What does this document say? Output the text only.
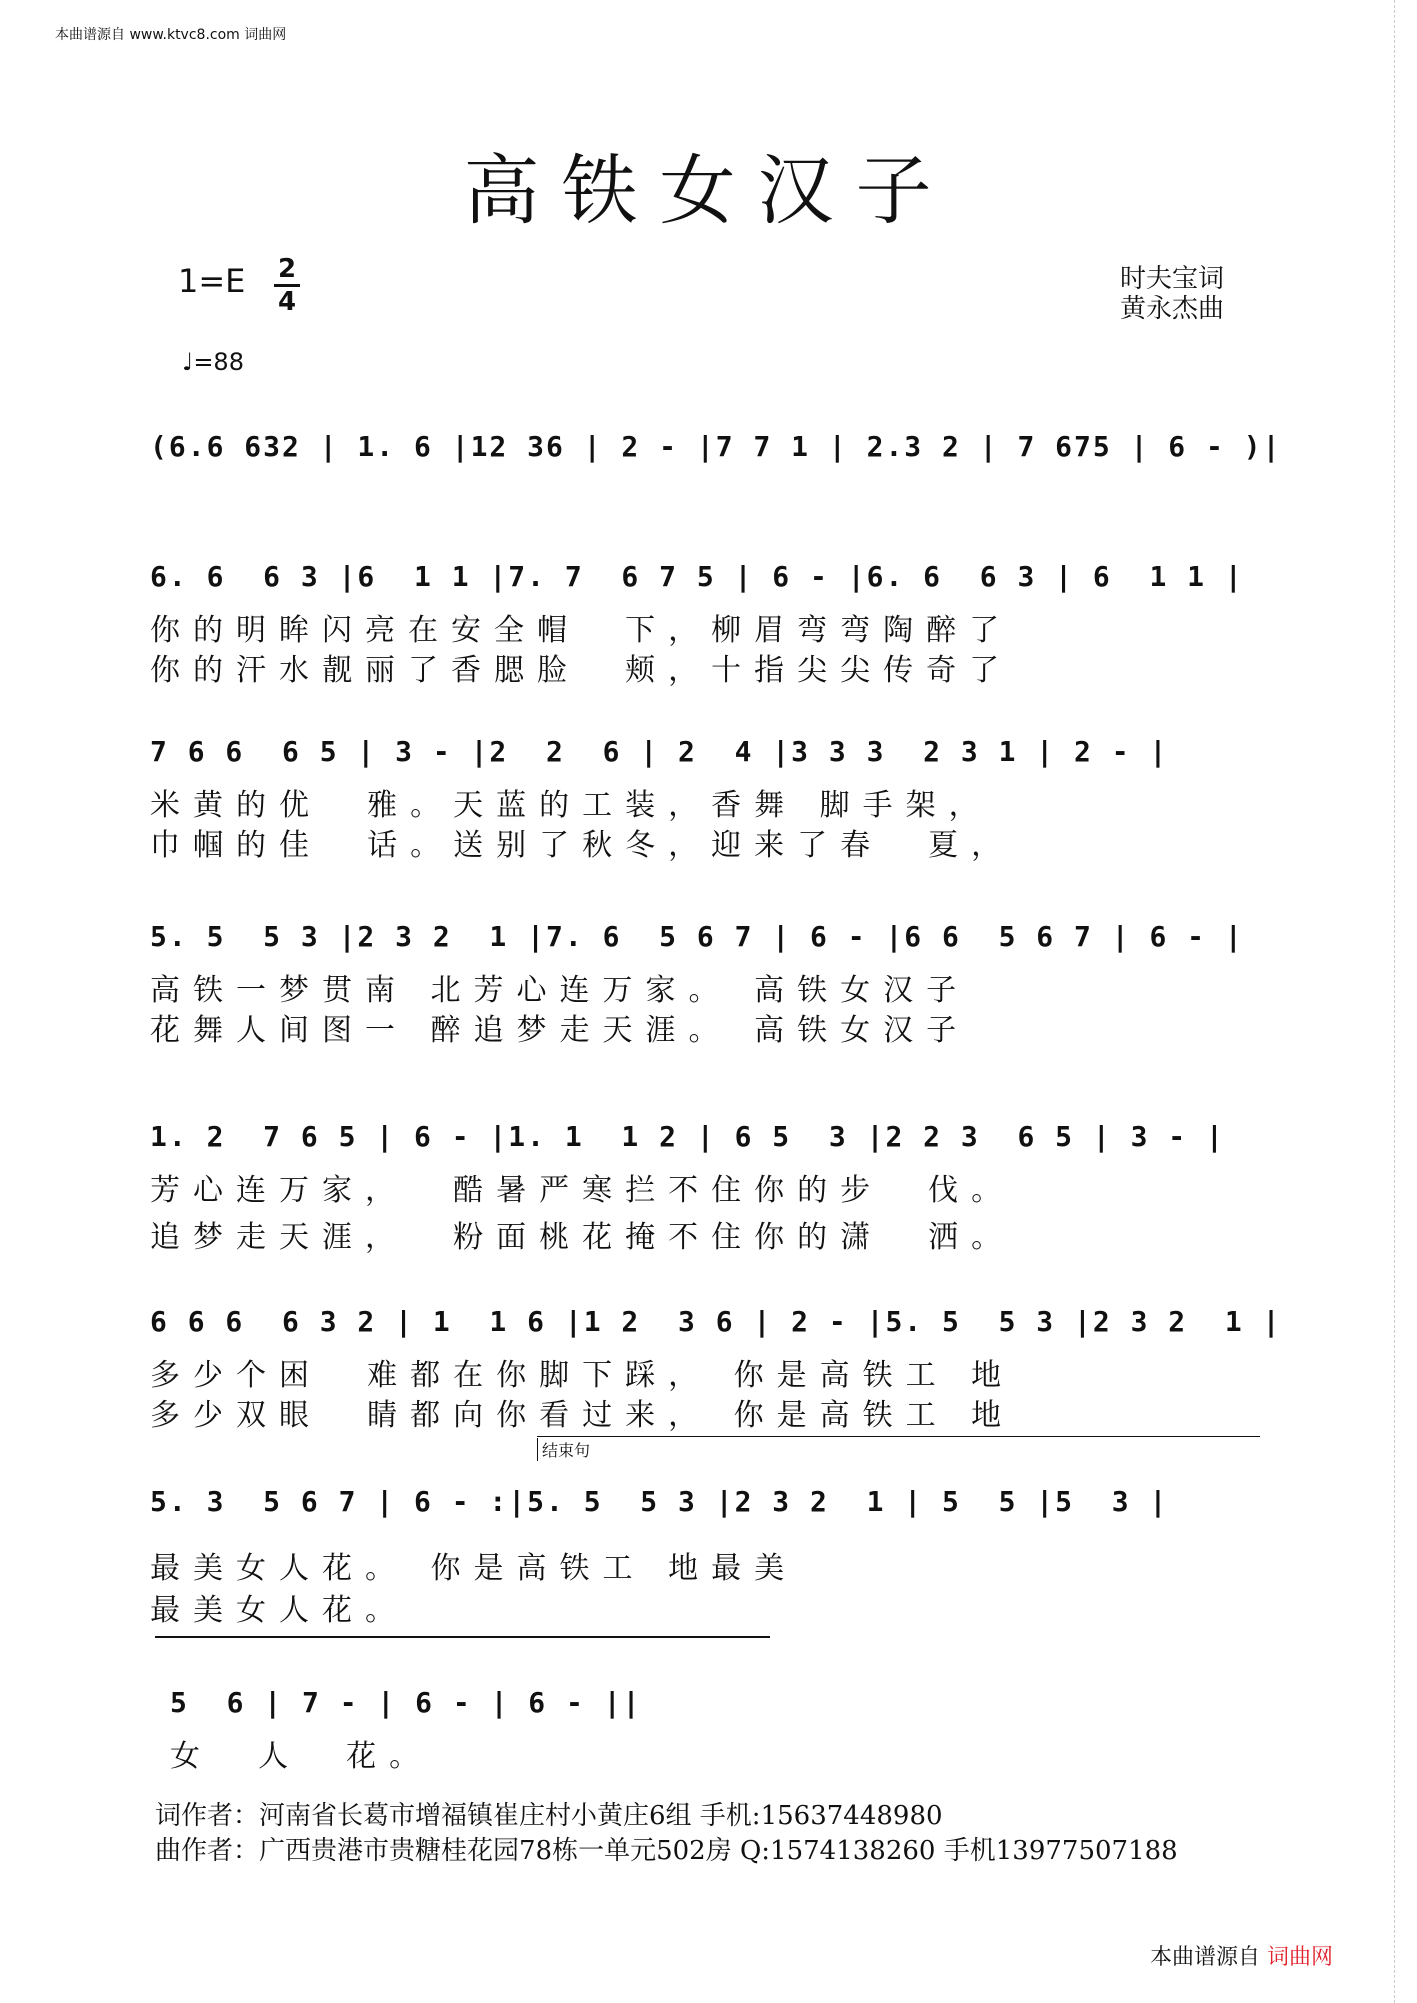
本曲谱源自 www.ktvc8.com 词曲网
高铁女汉子
1=E 2
4
♩=88
时夫宝词
黄永杰曲
(6.6 632 | 1. 6 |12 36 | 2 - |7 7 1 | 2.3 2 | 7 675 | 6 - )|
6. 6  6 3 |6  1 1 |7. 7  6 7 5 | 6 - |6. 6  6 3 | 6  1 1 |
你的明眸闪亮在安全帽  下，柳眉弯弯陶醉了
你的汗水靓丽了香腮脸  颊，十指尖尖传奇了
7 6 6  6 5 | 3 - |2  2  6 | 2  4 |3 3 3  2 3 1 | 2 - |
米黄的优  雅。天蓝的工装，香舞 脚手架，
巾帼的佳  话。送别了秋冬，迎来了春  夏，
5. 5  5 3 |2 3 2  1 |7. 6  5 6 7 | 6 - |6 6  5 6 7 | 6 - |
高铁一梦贯南 北芳心连万家。 高铁女汉子
花舞人间图一 醉追梦走天涯。 高铁女汉子
1. 2  7 6 5 | 6 - |1. 1  1 2 | 6 5  3 |2 2 3  6 5 | 3 - |
芳心连万家，  酷暑严寒拦不住你的步  伐。
追梦走天涯，  粉面桃花掩不住你的潇  洒。
6 6 6  6 3 2 | 1  1 6 |1 2  3 6 | 2 - |5. 5  5 3 |2 3 2  1 |
多少个困  难都在你脚下踩， 你是高铁工 地
多少双眼  睛都向你看过来， 你是高铁工 地
结束句
5. 3  5 6 7 | 6 - :|5. 5  5 3 |2 3 2  1 | 5  5 |5  3 |
最美女人花。 你是高铁工 地最美
最美女人花。
5  6 | 7 - | 6 - | 6 - ||
女  人  花。
词作者：河南省长葛市增福镇崔庄村小黄庄6组 手机:15637448980
曲作者：广西贵港市贵糖桂花园78栋一单元502房 Q:1574138260 手机13977507188
本曲谱源自 词曲网
